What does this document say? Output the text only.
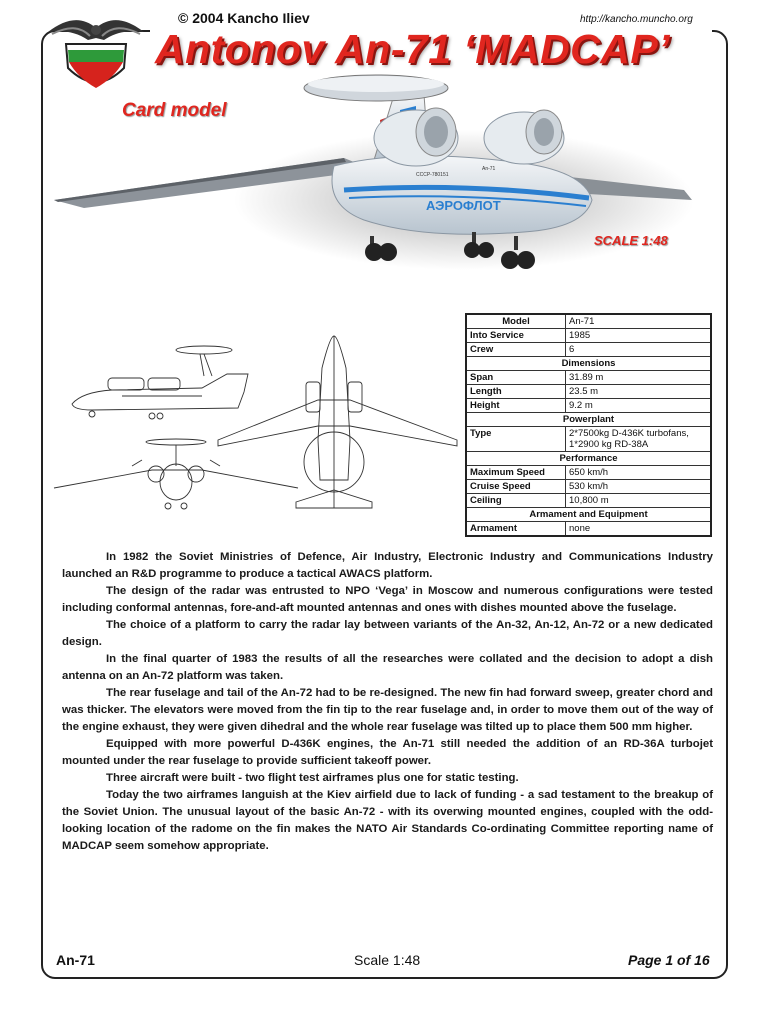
© 2004 Kancho Iliev	http://kancho.muncho.org
Antonov An-71 ‘MADCAP’
Card model
АЭРОФЛОТ
СССР-780151
An-71
SCALE 1:48
Model	An-71
Into Service	1985
Crew	6
Dimensions	
Span	31.89 m
Length	23.5 m
Height	9.2 m
Powerplant	
Type	2*7500kg D-436K turbofans,
1*2900 kg RD-38A

Performance	
Maximum Speed	650 km/h
Cruise Speed	530 km/h
Ceiling	10,800 m
Armament and Equipment	
Armament	none

In 1982 the Soviet Ministries of Defence, Air Industry, Electronic Industry and Communications Industry launched an R&D programme to produce a tactical AWACS platform.

The design of the radar was entrusted to NPO ‘Vega’ in Moscow and numerous configurations were tested including conformal antennas, fore-and-aft mounted antennas and ones with dishes mounted above the fuselage.

The choice of a platform to carry the radar lay between variants of the An-32, An-12, An-72 or a new dedicated design.

In the final quarter of 1983 the results of all the researches were collated and the decision to adopt a dish antenna on an An-72 platform was taken.

The rear fuselage and tail of the An-72 had to be re-designed. The new fin had forward sweep, greater chord and was thicker. The elevators were moved from the fin tip to the rear fuselage and, in order to move them out of the way of the engine exhaust, they were given dihedral and the whole rear fuselage was tilted up to place them 500 mm higher.

Equipped with more powerful D-436K engines, the An-71 still needed the addition of an RD-36A turbojet mounted under the rear fuselage to provide sufficient takeoff power.

Three aircraft were built - two flight test airframes plus one for static testing.

Today the two airframes languish at the Kiev airfield due to lack of funding - a sad testament to the breakup of the Soviet Union. The unusual layout of the basic An-72 - with its overwing mounted engines, coupled with the odd-looking location of the radome on the fin makes the NATO Air Standards Co-ordinating Committee reporting name of MADCAP seem somehow appropriate.

An-71	Scale 1:48	Page 1 of 16
